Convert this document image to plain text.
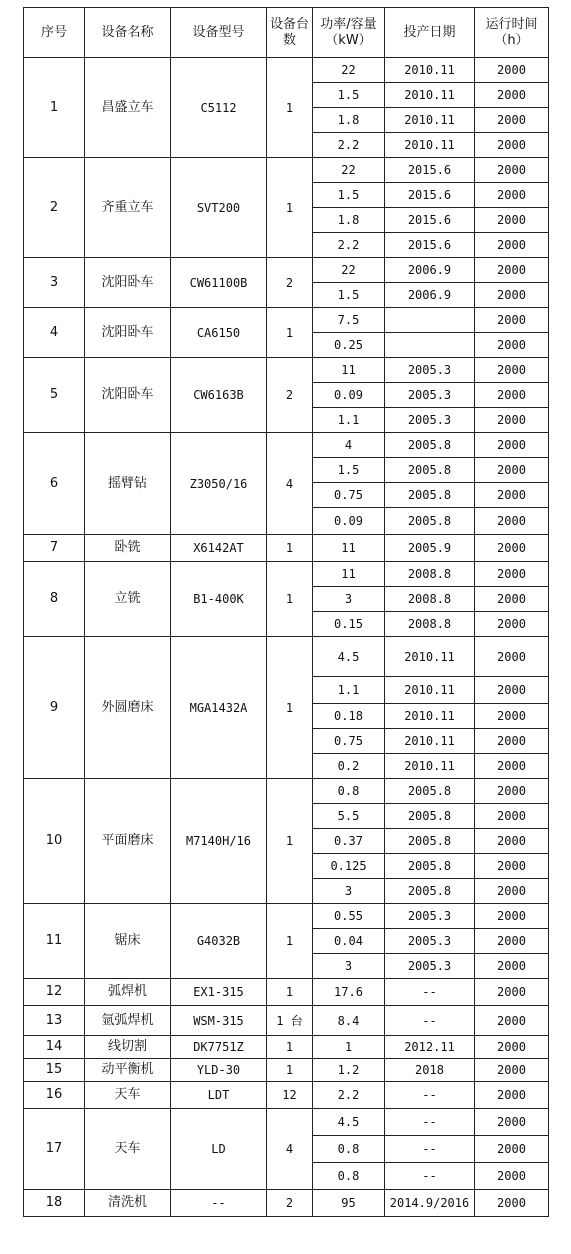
序号	设备名称	设备型号	设备台数	功率/容量（kW）	投产日期	运行时间（h）
1	昌盛立车	C5112	1	22	2010.11	2000
				1.5	2010.11	2000
				1.8	2010.11	2000
				2.2	2010.11	2000
2	齐重立车	SVT200	1	22	2015.6	2000
				1.5	2015.6	2000
				1.8	2015.6	2000
				2.2	2015.6	2000
3	沈阳卧车	CW61100B	2	22	2006.9	2000
				1.5	2006.9	2000
4	沈阳卧车	CA6150	1	7.5		2000
				0.25		2000
5	沈阳卧车	CW6163B	2	11	2005.3	2000
				0.09	2005.3	2000
				1.1	2005.3	2000
6	摇臂钻	Z3050/16	4	4	2005.8	2000
				1.5	2005.8	2000
				0.75	2005.8	2000
				0.09	2005.8	2000
7	卧铣	X6142AT	1	11	2005.9	2000
8	立铣	B1-400K	1	11	2008.8	2000
				3	2008.8	2000
				0.15	2008.8	2000
9	外圆磨床	MGA1432A	1	4.5	2010.11	2000
				1.1	2010.11	2000
				0.18	2010.11	2000
				0.75	2010.11	2000
				0.2	2010.11	2000
10	平面磨床	M7140H/16	1	0.8	2005.8	2000
				5.5	2005.8	2000
				0.37	2005.8	2000
				0.125	2005.8	2000
				3	2005.8	2000
11	锯床	G4032B	1	0.55	2005.3	2000
				0.04	2005.3	2000
				3	2005.3	2000
12	弧焊机	EX1-315	1	17.6	--	2000
13	氩弧焊机	WSM-315	1 台	8.4	--	2000
14	线切割	DK7751Z	1	1	2012.11	2000
15	动平衡机	YLD-30	1	1.2	2018	2000
16	天车	LDT	12	2.2	--	2000
17	天车	LD	4	4.5	--	2000
				0.8	--	2000
				0.8	--	2000
18	清洗机	--	2	95	2014.9/2016	2000
